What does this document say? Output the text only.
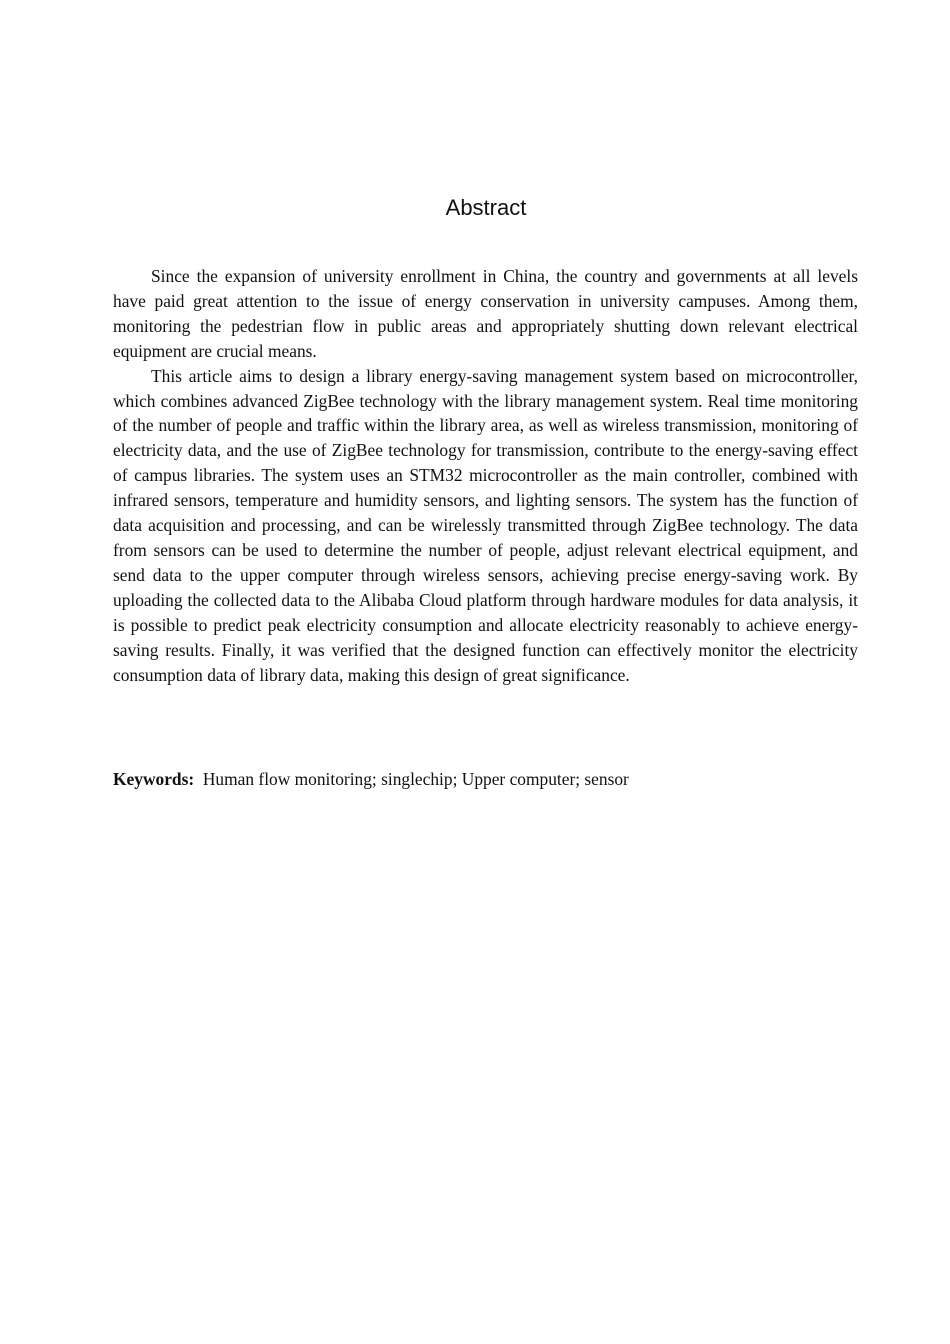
Abstract

Since the expansion of university enrollment in China, the country and governments at all levels have paid great attention to the issue of energy conservation in university campuses. Among them, monitoring the pedestrian flow in public areas and appropriately shutting down relevant electrical equipment are crucial means.

This article aims to design a library energy-saving management system based on microcontroller, which combines advanced ZigBee technology with the library management system. Real time monitoring of the number of people and traffic within the library area, as well as wireless transmission, monitoring of electricity data, and the use of ZigBee technology for transmission, contribute to the energy-saving effect of campus libraries. The system uses an STM32 microcontroller as the main controller, combined with infrared sensors, temperature and humidity sensors, and lighting sensors. The system has the function of data acquisition and processing, and can be wirelessly transmitted through ZigBee technology. The data from sensors can be used to determine the number of people, adjust relevant electrical equipment, and send data to the upper computer through wireless sensors, achieving precise energy-saving work. By uploading the collected data to the Alibaba Cloud platform through hardware modules for data analysis, it is possible to predict peak electricity consumption and allocate electricity reasonably to achieve energy-saving results. Finally, it was verified that the designed function can effectively monitor the electricity consumption data of library data, making this design of great significance.

Keywords: Human flow monitoring; singlechip; Upper computer; sensor
